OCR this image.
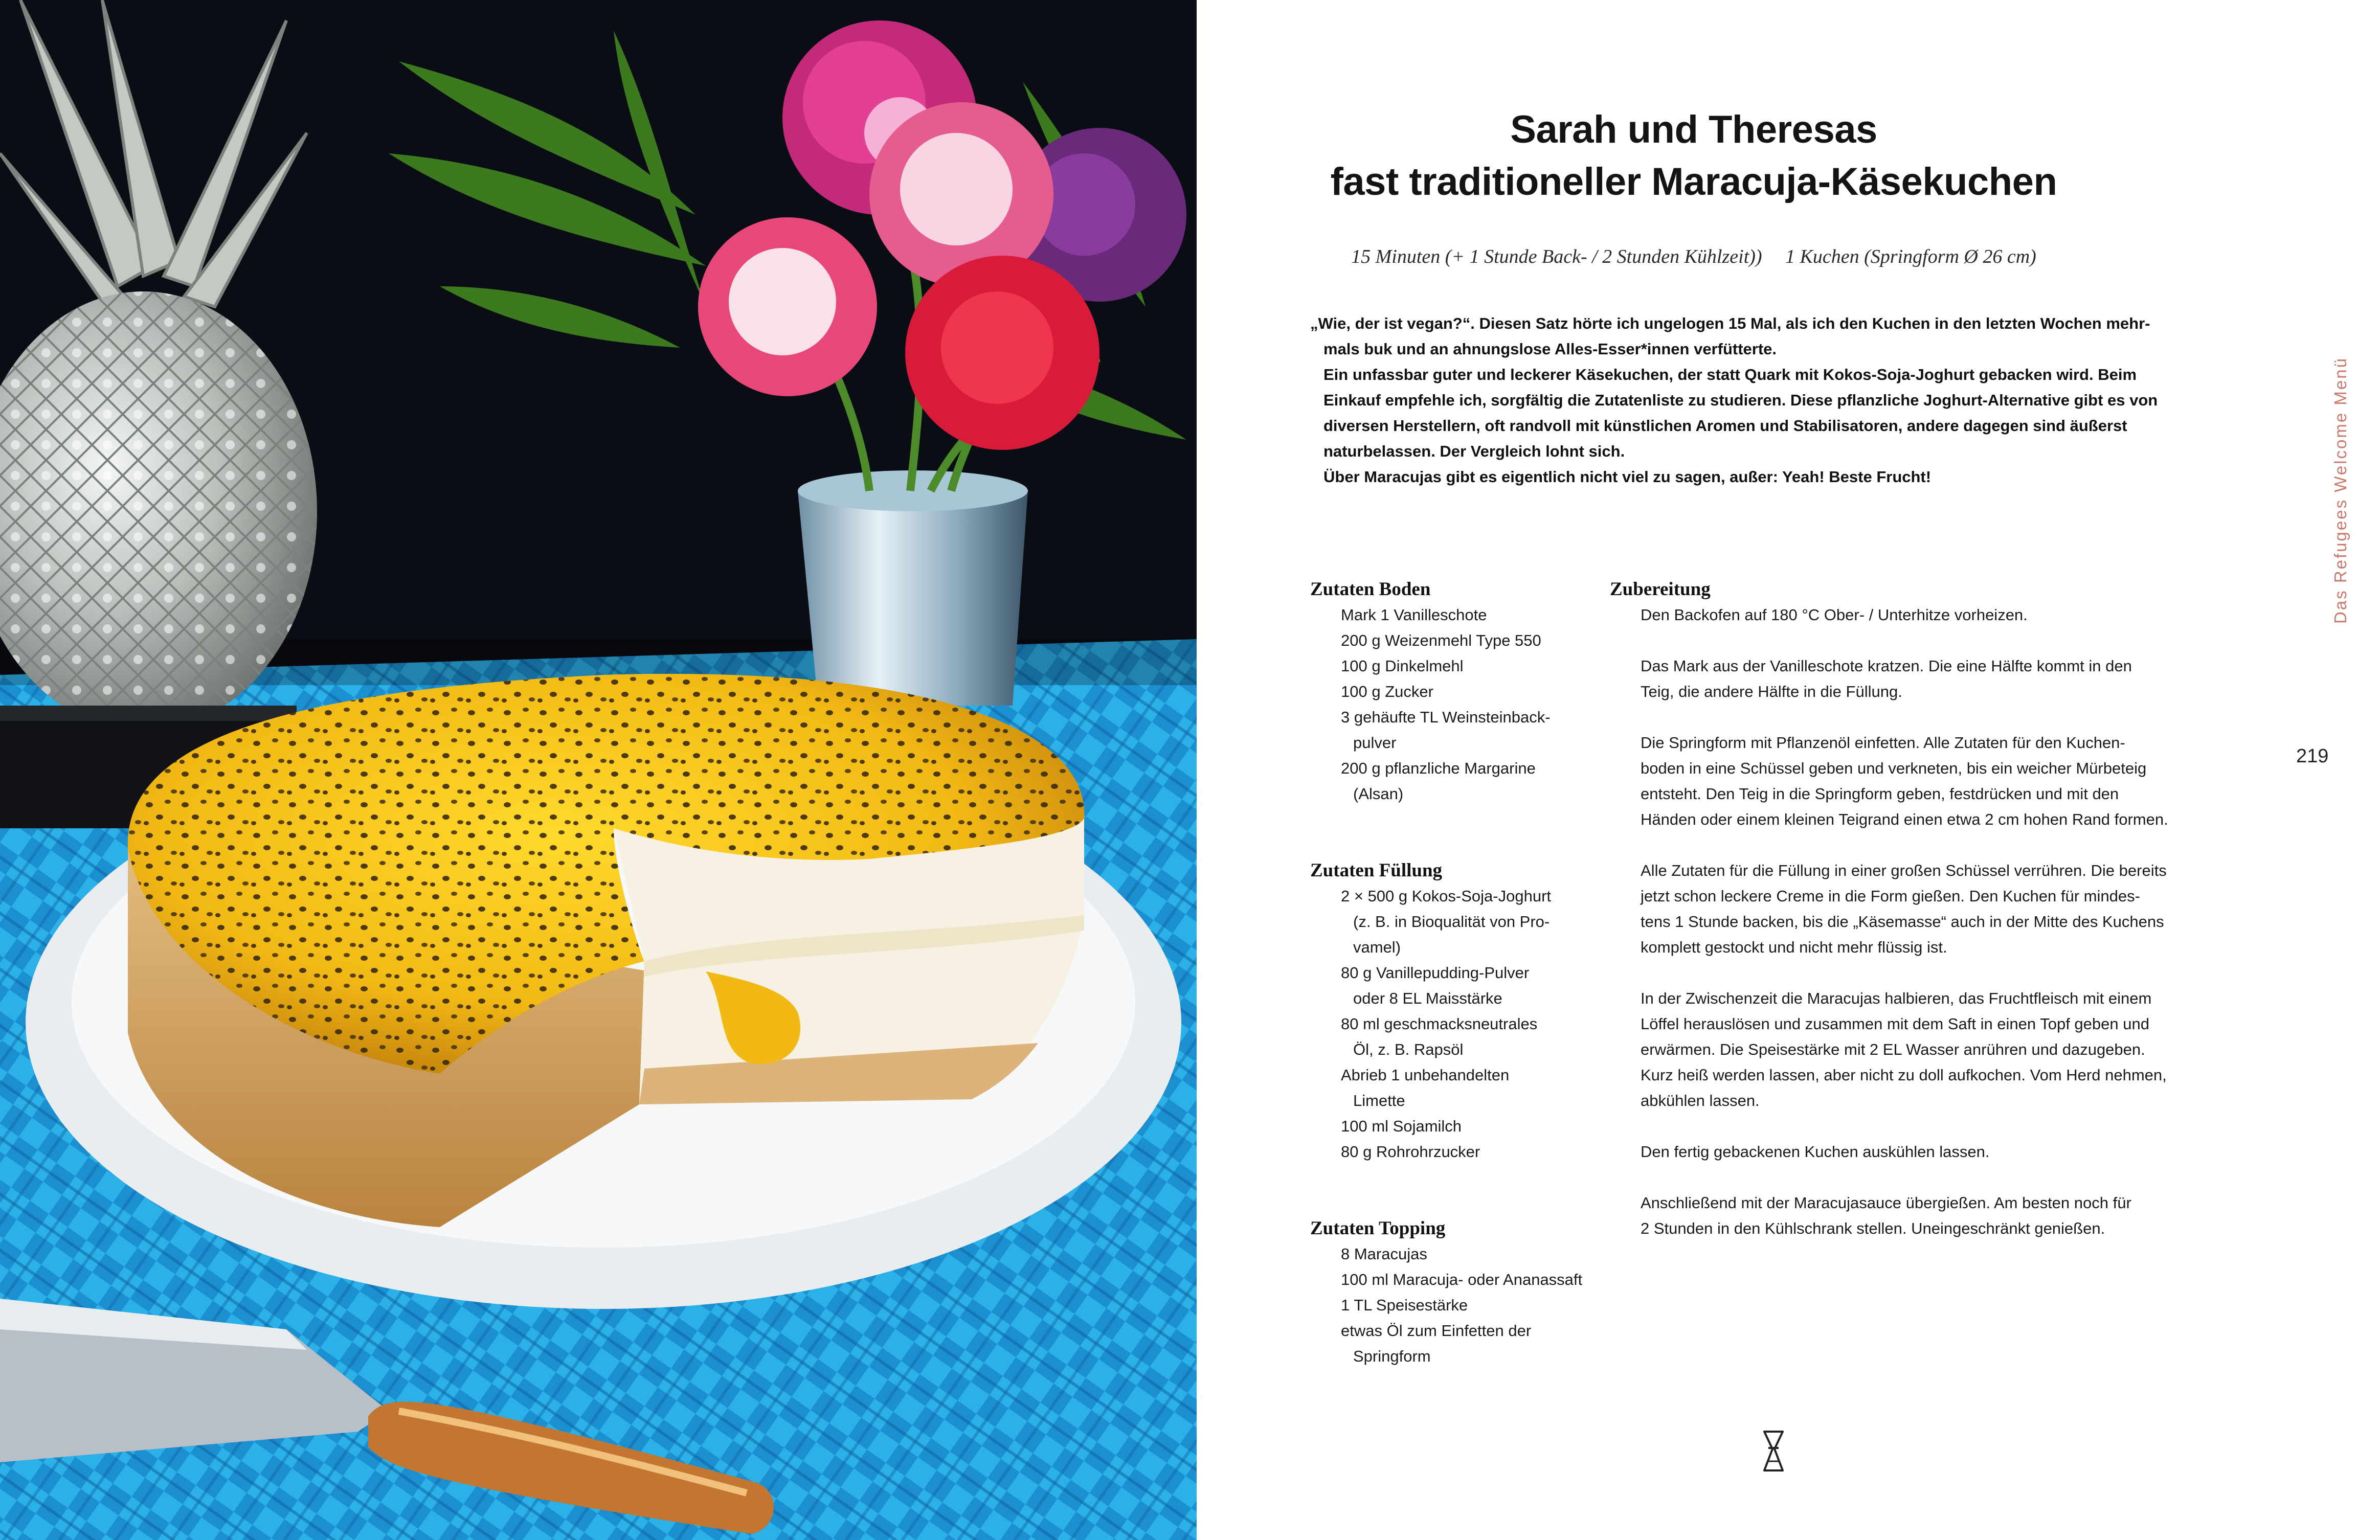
Sarah und Theresas
fast traditioneller Maracuja-Käsekuchen
15 Minuten (+ 1 Stunde Back- / 2 Stunden Kühlzeit)) 1 Kuchen (Springform Ø 26 cm)
„Wie, der ist vegan?“. Diesen Satz hörte ich ungelogen 15 Mal, als ich den Kuchen in den letzten Wochen mehr-
mals buk und an ahnungslose Alles-Esser*innen verfütterte.
Ein unfassbar guter und leckerer Käsekuchen, der statt Quark mit Kokos-Soja-Joghurt gebacken wird. Beim
Einkauf empfehle ich, sorgfältig die Zutatenliste zu studieren. Diese pflanzliche Joghurt-Alternative gibt es von
diversen Herstellern, oft randvoll mit künstlichen Aromen und Stabilisatoren, andere dagegen sind äußerst
naturbelassen. Der Vergleich lohnt sich.
Über Maracujas gibt es eigentlich nicht viel zu sagen, außer: Yeah! Beste Frucht!
Zutaten Boden
Mark 1 Vanilleschote
200 g Weizenmehl Type 550
100 g Dinkelmehl
100 g Zucker
3 gehäufte TL Weinsteinback-
pulver
200 g pflanzliche Margarine
(Alsan)
Zutaten Füllung
2 × 500 g Kokos-Soja-Joghurt
(z. B. in Bioqualität von Pro-
vamel)
80 g Vanillepudding-Pulver
oder 8 EL Maisstärke
80 ml geschmacksneutrales
Öl, z. B. Rapsöl
Abrieb 1 unbehandelten
Limette
100 ml Sojamilch
80 g Rohrohrzucker
Zutaten Topping
8 Maracujas
100 ml Maracuja- oder Ananassaft
1 TL Speisestärke
etwas Öl zum Einfetten der
Springform
Zubereitung
Den Backofen auf 180 °C Ober- / Unterhitze vorheizen.
Das Mark aus der Vanilleschote kratzen. Die eine Hälfte kommt in den
Teig, die andere Hälfte in die Füllung.
Die Springform mit Pflanzenöl einfetten. Alle Zutaten für den Kuchen-
boden in eine Schüssel geben und verkneten, bis ein weicher Mürbeteig
entsteht. Den Teig in die Springform geben, festdrücken und mit den
Händen oder einem kleinen Teigrand einen etwa 2 cm hohen Rand formen.
Alle Zutaten für die Füllung in einer großen Schüssel verrühren. Die bereits
jetzt schon leckere Creme in die Form gießen. Den Kuchen für mindes-
tens 1 Stunde backen, bis die „Käsemasse“ auch in der Mitte des Kuchens
komplett gestockt und nicht mehr flüssig ist.
In der Zwischenzeit die Maracujas halbieren, das Fruchtfleisch mit einem
Löffel herauslösen und zusammen mit dem Saft in einen Topf geben und
erwärmen. Die Speisestärke mit 2 EL Wasser anrühren und dazugeben.
Kurz heiß werden lassen, aber nicht zu doll aufkochen. Vom Herd nehmen,
abkühlen lassen.
Den fertig gebackenen Kuchen auskühlen lassen.
Anschließend mit der Maracujasauce übergießen. Am besten noch für
2 Stunden in den Kühlschrank stellen. Uneingeschränkt genießen.
Das Refugees Welcome Menü
219
